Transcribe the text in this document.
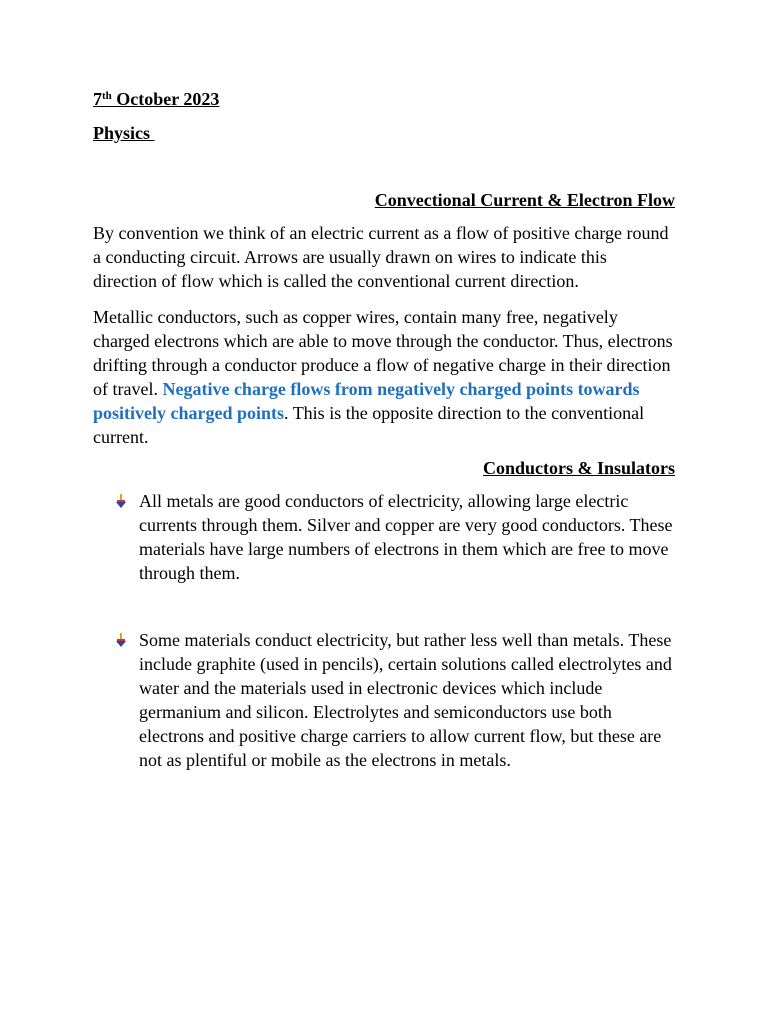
7th October 2023

Physics

Convectional Current & Electron Flow

By convention we think of an electric current as a flow of positive charge round a conducting circuit. Arrows are usually drawn on wires to indicate this direction of flow which is called the conventional current direction.

Metallic conductors, such as copper wires, contain many free, negatively charged electrons which are able to move through the conductor. Thus, electrons drifting through a conductor produce a flow of negative charge in their direction of travel. Negative charge flows from negatively charged points towards positively charged points. This is the opposite direction to the conventional current.

Conductors & Insulators

All metals are good conductors of electricity, allowing large electric currents through them. Silver and copper are very good conductors. These materials have large numbers of electrons in them which are free to move through them.
Some materials conduct electricity, but rather less well than metals. These include graphite (used in pencils), certain solutions called electrolytes and water and the materials used in electronic devices which include germanium and silicon. Electrolytes and semiconductors use both electrons and positive charge carriers to allow current flow, but these are not as plentiful or mobile as the electrons in metals.
